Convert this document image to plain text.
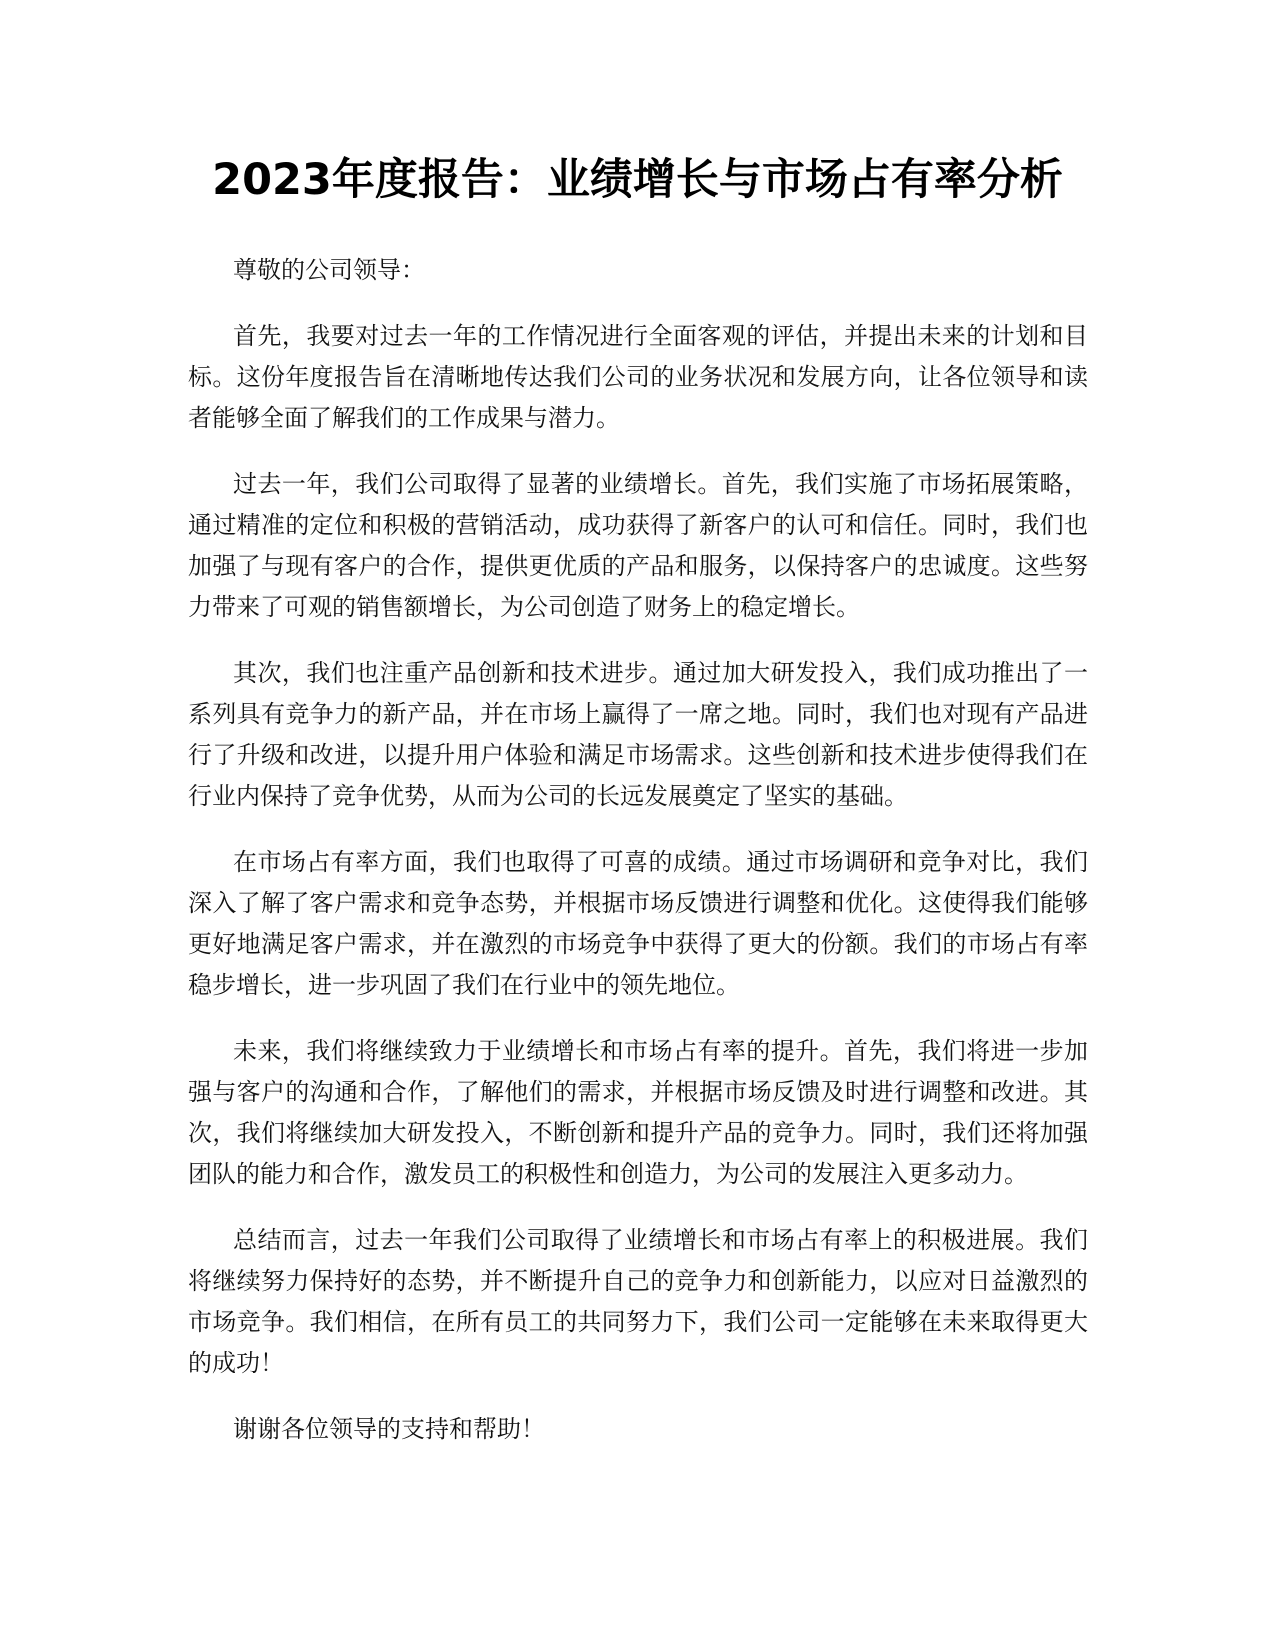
2023年度报告：业绩增长与市场占有率分析

尊敬的公司领导：

首先，我要对过去一年的工作情况进行全面客观的评估，并提出未来的计划和目标。这份年度报告旨在清晰地传达我们公司的业务状况和发展方向，让各位领导和读者能够全面了解我们的工作成果与潜力。

过去一年，我们公司取得了显著的业绩增长。首先，我们实施了市场拓展策略，通过精准的定位和积极的营销活动，成功获得了新客户的认可和信任。同时，我们也加强了与现有客户的合作，提供更优质的产品和服务，以保持客户的忠诚度。这些努力带来了可观的销售额增长，为公司创造了财务上的稳定增长。

其次，我们也注重产品创新和技术进步。通过加大研发投入，我们成功推出了一系列具有竞争力的新产品，并在市场上赢得了一席之地。同时，我们也对现有产品进行了升级和改进，以提升用户体验和满足市场需求。这些创新和技术进步使得我们在行业内保持了竞争优势，从而为公司的长远发展奠定了坚实的基础。

在市场占有率方面，我们也取得了可喜的成绩。通过市场调研和竞争对比，我们深入了解了客户需求和竞争态势，并根据市场反馈进行调整和优化。这使得我们能够更好地满足客户需求，并在激烈的市场竞争中获得了更大的份额。我们的市场占有率稳步增长，进一步巩固了我们在行业中的领先地位。

未来，我们将继续致力于业绩增长和市场占有率的提升。首先，我们将进一步加强与客户的沟通和合作，了解他们的需求，并根据市场反馈及时进行调整和改进。其次，我们将继续加大研发投入，不断创新和提升产品的竞争力。同时，我们还将加强团队的能力和合作，激发员工的积极性和创造力，为公司的发展注入更多动力。

总结而言，过去一年我们公司取得了业绩增长和市场占有率上的积极进展。我们将继续努力保持好的态势，并不断提升自己的竞争力和创新能力，以应对日益激烈的市场竞争。我们相信，在所有员工的共同努力下，我们公司一定能够在未来取得更大的成功！

谢谢各位领导的支持和帮助！
